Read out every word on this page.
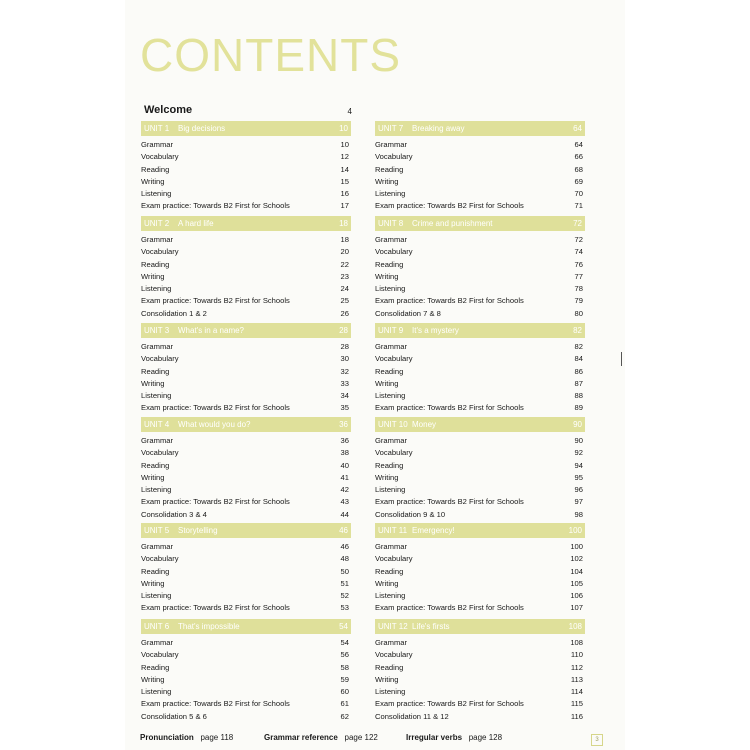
CONTENTS
Welcome	4
UNIT 1 Big decisions	10
Grammar	10
Vocabulary	12
Reading	14
Writing	15
Listening	16
Exam practice: Towards B2 First for Schools	17
UNIT 2 A hard life	18
Grammar	18
Vocabulary	20
Reading	22
Writing	23
Listening	24
Exam practice: Towards B2 First for Schools	25
Consolidation 1 & 2	26
UNIT 3 What's in a name?	28
Grammar	28
Vocabulary	30
Reading	32
Writing	33
Listening	34
Exam practice: Towards B2 First for Schools	35
UNIT 4 What would you do?	36
Grammar	36
Vocabulary	38
Reading	40
Writing	41
Listening	42
Exam practice: Towards B2 First for Schools	43
Consolidation 3 & 4	44
UNIT 5 Storytelling	46
Grammar	46
Vocabulary	48
Reading	50
Writing	51
Listening	52
Exam practice: Towards B2 First for Schools	53
UNIT 6 That's impossible	54
Grammar	54
Vocabulary	56
Reading	58
Writing	59
Listening	60
Exam practice: Towards B2 First for Schools	61
Consolidation 5 & 6	62
UNIT 7 Breaking away	64
Grammar	64
Vocabulary	66
Reading	68
Writing	69
Listening	70
Exam practice: Towards B2 First for Schools	71
UNIT 8 Crime and punishment	72
Grammar	72
Vocabulary	74
Reading	76
Writing	77
Listening	78
Exam practice: Towards B2 First for Schools	79
Consolidation 7 & 8	80
UNIT 9 It's a mystery	82
Grammar	82
Vocabulary	84
Reading	86
Writing	87
Listening	88
Exam practice: Towards B2 First for Schools	89
UNIT 10 Money	90
Grammar	90
Vocabulary	92
Reading	94
Writing	95
Listening	96
Exam practice: Towards B2 First for Schools	97
Consolidation 9 & 10	98
UNIT 11 Emergency!	100
Grammar	100
Vocabulary	102
Reading	104
Writing	105
Listening	106
Exam practice: Towards B2 First for Schools	107
UNIT 12 Life's firsts	108
Grammar	108
Vocabulary	110
Reading	112
Writing	113
Listening	114
Exam practice: Towards B2 First for Schools	115
Consolidation 11 & 12	116
Pronunciation page 118	Grammar reference page 122	Irregular verbs page 128	3
